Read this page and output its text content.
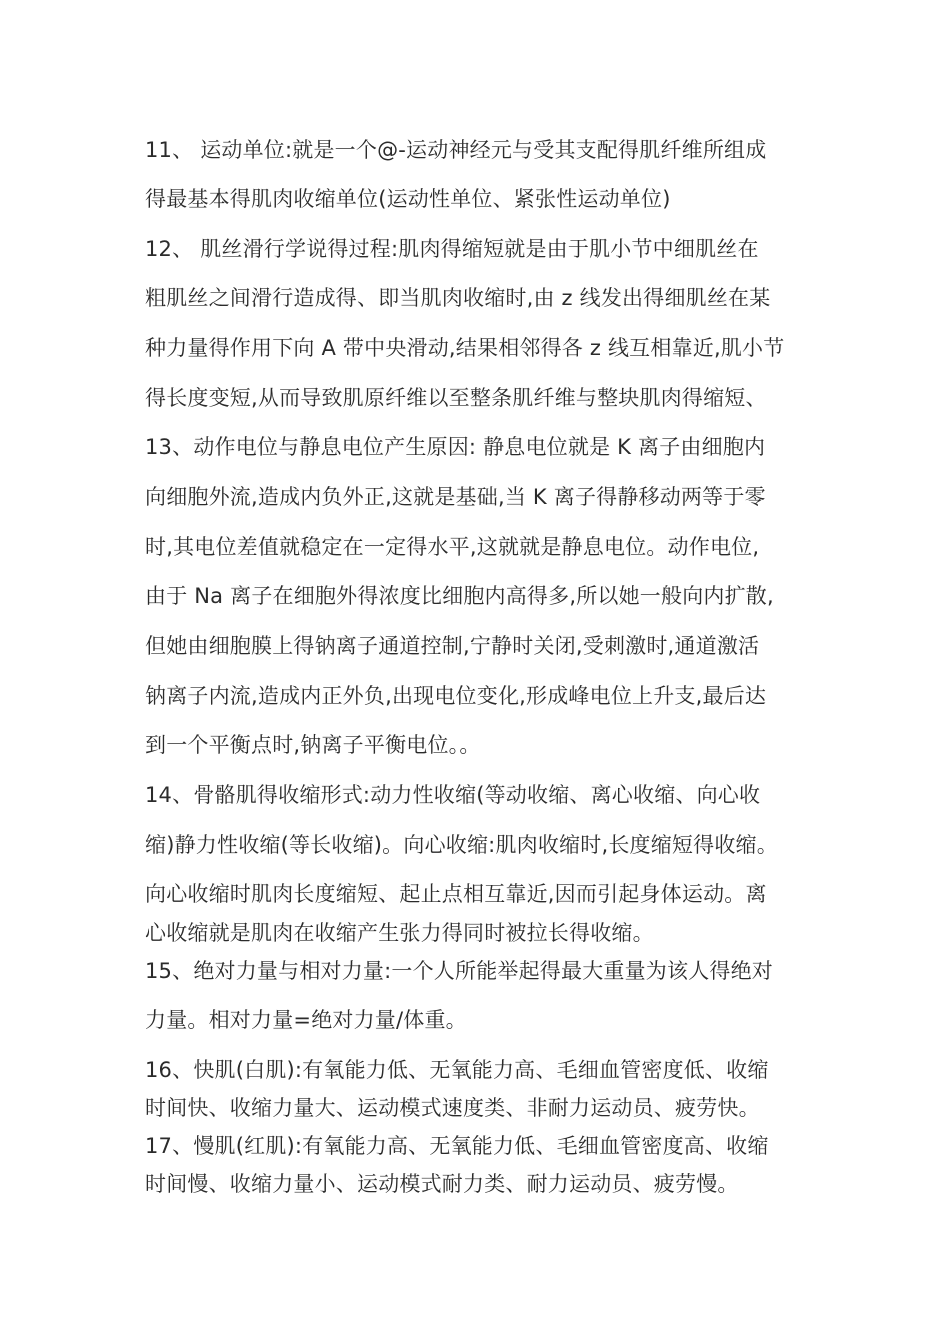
11、 运动单位:就是一个@-运动神经元与受其支配得肌纤维所组成
得最基本得肌肉收缩单位(运动性单位、紧张性运动单位)
12、 肌丝滑行学说得过程:肌肉得缩短就是由于肌小节中细肌丝在
粗肌丝之间滑行造成得、即当肌肉收缩时,由 z 线发出得细肌丝在某
种力量得作用下向 A 带中央滑动,结果相邻得各 z 线互相靠近,肌小节
得长度变短,从而导致肌原纤维以至整条肌纤维与整块肌肉得缩短、
13、动作电位与静息电位产生原因: 静息电位就是 K 离子由细胞内
向细胞外流,造成内负外正,这就是基础,当 K 离子得静移动两等于零
时,其电位差值就稳定在一定得水平,这就就是静息电位。动作电位,
由于 Na 离子在细胞外得浓度比细胞内高得多,所以她一般向内扩散,
但她由细胞膜上得钠离子通道控制,宁静时关闭,受刺激时,通道激活
钠离子内流,造成内正外负,出现电位变化,形成峰电位上升支,最后达
到一个平衡点时,钠离子平衡电位。。
14、骨骼肌得收缩形式:动力性收缩(等动收缩、离心收缩、向心收
缩)静力性收缩(等长收缩)。向心收缩:肌肉收缩时,长度缩短得收缩。
向心收缩时肌肉长度缩短、起止点相互靠近,因而引起身体运动。离
心收缩就是肌肉在收缩产生张力得同时被拉长得收缩。
15、绝对力量与相对力量:一个人所能举起得最大重量为该人得绝对
力量。相对力量=绝对力量/体重。
16、快肌(白肌):有氧能力低、无氧能力高、毛细血管密度低、收缩
时间快、收缩力量大、运动模式速度类、非耐力运动员、疲劳快。
17、慢肌(红肌):有氧能力高、无氧能力低、毛细血管密度高、收缩
时间慢、收缩力量小、运动模式耐力类、耐力运动员、疲劳慢。
